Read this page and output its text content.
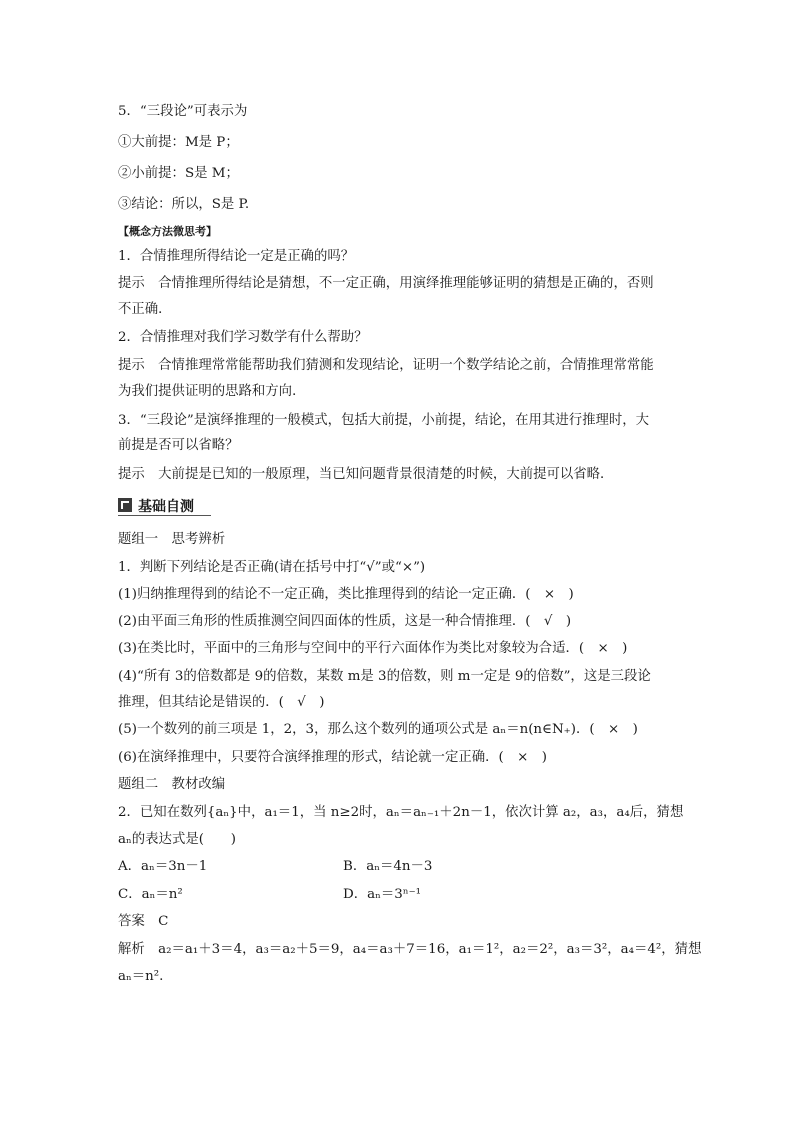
5．“三段论”可表示为
①大前提：M是 P；
②小前提：S是 M；
③结论：所以，S是 P.
【概念方法微思考】
1．合情推理所得结论一定是正确的吗？
提示　合情推理所得结论是猜想，不一定正确，用演绎推理能够证明的猜想是正确的，否则
不正确．
2．合情推理对我们学习数学有什么帮助？
提示　合情推理常常能帮助我们猜测和发现结论，证明一个数学结论之前，合情推理常常能
为我们提供证明的思路和方向．
3．“三段论”是演绎推理的一般模式，包括大前提，小前提，结论，在用其进行推理时，大
前提是否可以省略？
提示　大前提是已知的一般原理，当已知问题背景很清楚的时候，大前提可以省略．
基础自测
题组一　思考辨析
1．判断下列结论是否正确(请在括号中打“√”或“×”)
(1)归纳推理得到的结论不一定正确，类比推理得到的结论一定正确．(　×　)
(2)由平面三角形的性质推测空间四面体的性质，这是一种合情推理．(　√　)
(3)在类比时，平面中的三角形与空间中的平行六面体作为类比对象较为合适．(　×　)
(4)“所有 3的倍数都是 9的倍数，某数 m是 3的倍数，则 m一定是 9的倍数”，这是三段论
推理，但其结论是错误的．(　√　)
(5)一个数列的前三项是 1，2，3，那么这个数列的通项公式是 aₙ＝n(n∈N₊)．(　×　)
(6)在演绎推理中，只要符合演绎推理的形式，结论就一定正确．(　×　)
题组二　教材改编
2．已知在数列{aₙ}中，a₁＝1，当 n≥2时，aₙ＝aₙ₋₁＋2n－1，依次计算 a₂，a₃，a₄后，猜想
aₙ的表达式是(　　)
A．aₙ＝3n－1	B．aₙ＝4n－3
C．aₙ＝n²	D．aₙ＝3ⁿ⁻¹
答案　C
解析　a₂＝a₁＋3＝4，a₃＝a₂＋5＝9，a₄＝a₃＋7＝16，a₁＝1²，a₂＝2²，a₃＝3²，a₄＝4²，猜想
aₙ＝n².
